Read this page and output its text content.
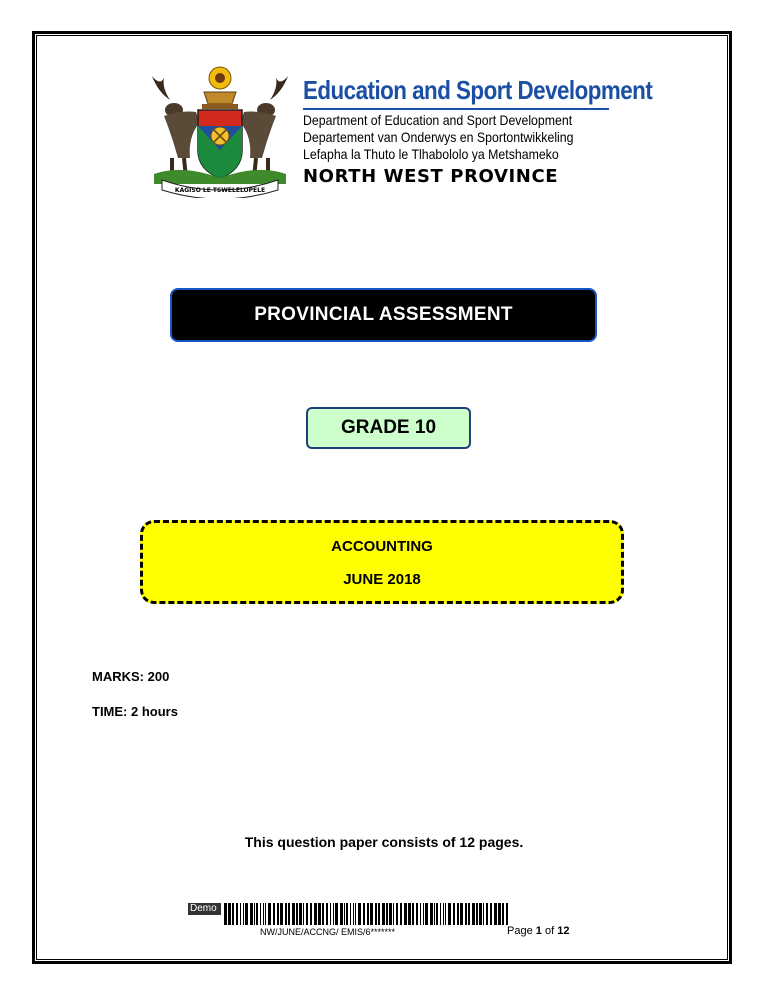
KAGISO LE TSWELELOPELE
Education and Sport Development
Department of Education and Sport Development
Departement van Onderwys en Sportontwikkeling
Lefapha la Thuto le Tlhabololo ya Metshameko
NORTH WEST PROVINCE
PROVINCIAL ASSESSMENT
GRADE 10
ACCOUNTING
JUNE 2018
MARKS: 200
TIME: 2 hours
This question paper consists of 12 pages.
Demo
NW/JUNE/ACCNG/ EMIS/6*******	Page 1 of 12
